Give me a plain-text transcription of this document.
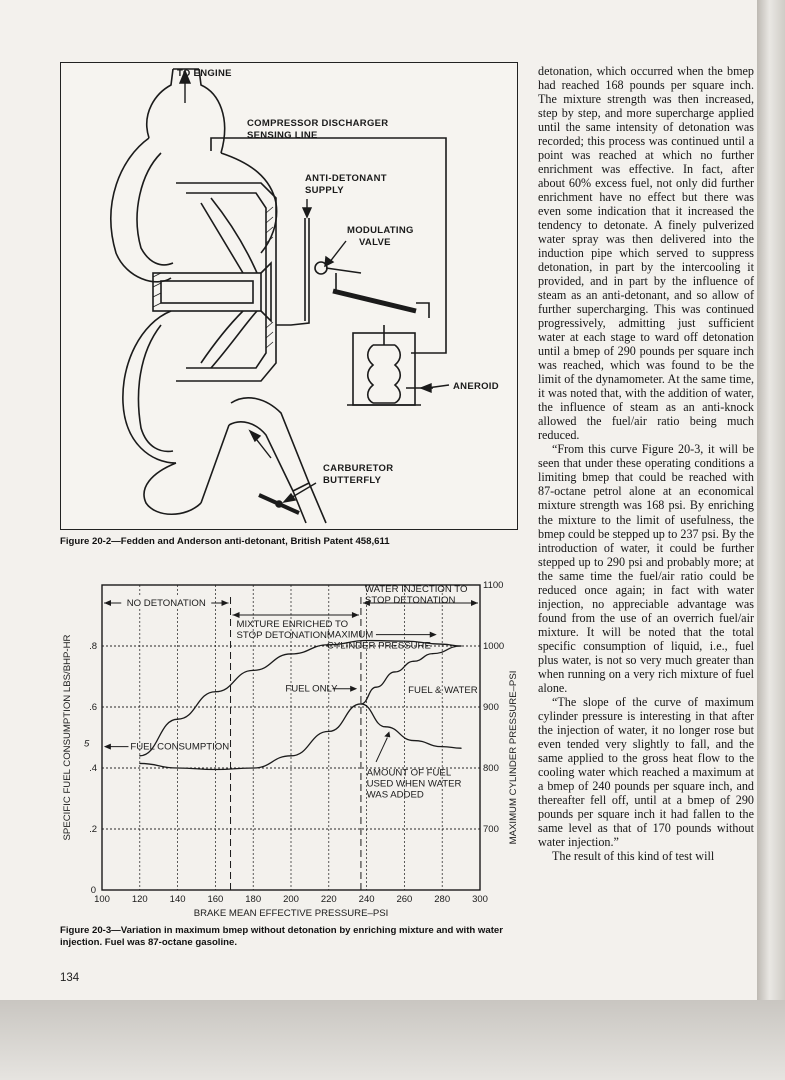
TO ENGINE
COMPRESSOR DISCHARGER
SENSING LINE
ANTI-DETONANT
SUPPLY
MODULATING
VALVE
ANEROID
CARBURETOR
BUTTERFLY
Figure 20-2—Fedden and Anderson anti-detonant, British Patent 458,611
NO DETONATION
MIXTURE ENRICHED TO
STOP DETONATION
WATER INJECTION TO
STOP DETONATION
100 120 140 160 180 200 220 240 260 280 300
0
.2
.4
.6
.8
700
800
900
1000
1100
5
MAXIMUM
CYLINDER PRESSURE
FUEL ONLY	FUEL & WATER
FUEL CONSUMPTION
AMOUNT OF FUEL
USED WHEN WATER
WAS ADDED
BRAKE MEAN EFFECTIVE PRESSURE–PSI
SPECIFIC FUEL CONSUMPTION LBS/BHP-HR	MAXIMUM CYLINDER PRESSURE–PSI
Figure 20-3—Variation in maximum bmep without detonation by enriching mixture and with water injection. Fuel was 87-octane gasoline.

detonation, which occurred when the bmep had reached 168 pounds per square inch. The mixture strength was then increased, step by step, and more supercharge applied until the same intensity of detonation was recorded; this process was continued until a point was reached at which no further enrichment was effective. In fact, after about 60% excess fuel, not only did further enrichment have no effect but there was even some indication that it increased the tendency to detonate. A finely pulverized water spray was then delivered into the induction pipe which served to suppress detonation, in part by the intercooling it provided, and in part by the influence of steam as an anti-detonant, and so allow of further supercharging. This was continued progressively, admitting just sufficient water at each stage to ward off detonation until a bmep of 290 pounds per square inch was reached, which was found to be the limit of the dynamometer. At the same time, it was noted that, with the addition of water, the influence of steam as an anti-knock allowed the fuel/air ratio being much reduced.

“From this curve Figure 20-3, it will be seen that under these operating conditions a limiting bmep that could be reached with 87-octane petrol alone at an economical mixture strength was 168 psi. By enriching the mixture to the limit of usefulness, the bmep could be stepped up to 237 psi. By the introduction of water, it could be further stepped up to 290 psi and probably more; at the same time the fuel/air ratio could be reduced once again; in fact with water injection, no appreciable advantage was found from the use of an overrich fuel/air mixture. It will be noted that the total specific consumption of liquid, i.e., fuel plus water, is not so very much greater than when running on a very rich mixture of fuel alone.

“The slope of the curve of maximum cylinder pressure is interesting in that after the injection of water, it no longer rose but even tended very slightly to fall, and the same applied to the gross heat flow to the cooling water which reached a maximum at a bmep of 240 pounds per square inch, and thereafter fell off, until at a bmep of 290 pounds per square inch it had fallen to the same level as that of 170 pounds without water injection.”

The result of this kind of test will

134
